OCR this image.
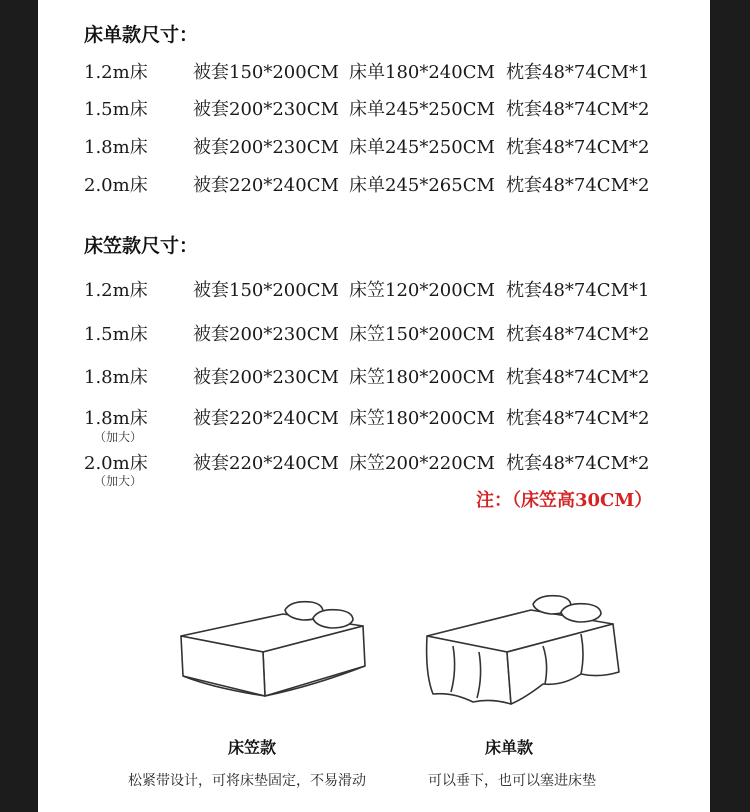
床单款尺寸：
1.2m床	被套150*200CM 床单180*240CM 枕套48*74CM*1
1.5m床	被套200*230CM 床单245*250CM 枕套48*74CM*2
1.8m床	被套200*230CM 床单245*250CM 枕套48*74CM*2
2.0m床	被套220*240CM 床单245*265CM 枕套48*74CM*2
床笠款尺寸：
1.2m床	被套150*200CM 床笠120*200CM 枕套48*74CM*1
1.5m床	被套200*230CM 床笠150*200CM 枕套48*74CM*2
1.8m床	被套200*230CM 床笠180*200CM 枕套48*74CM*2
1.8m床	被套220*240CM 床笠180*200CM 枕套48*74CM*2
（加大）
2.0m床	被套220*240CM 床笠200*220CM 枕套48*74CM*2
（加大）
注：（床笠高30CM）
床笠款
松紧带设计，可将床垫固定，不易滑动
床单款
可以垂下，也可以塞进床垫
